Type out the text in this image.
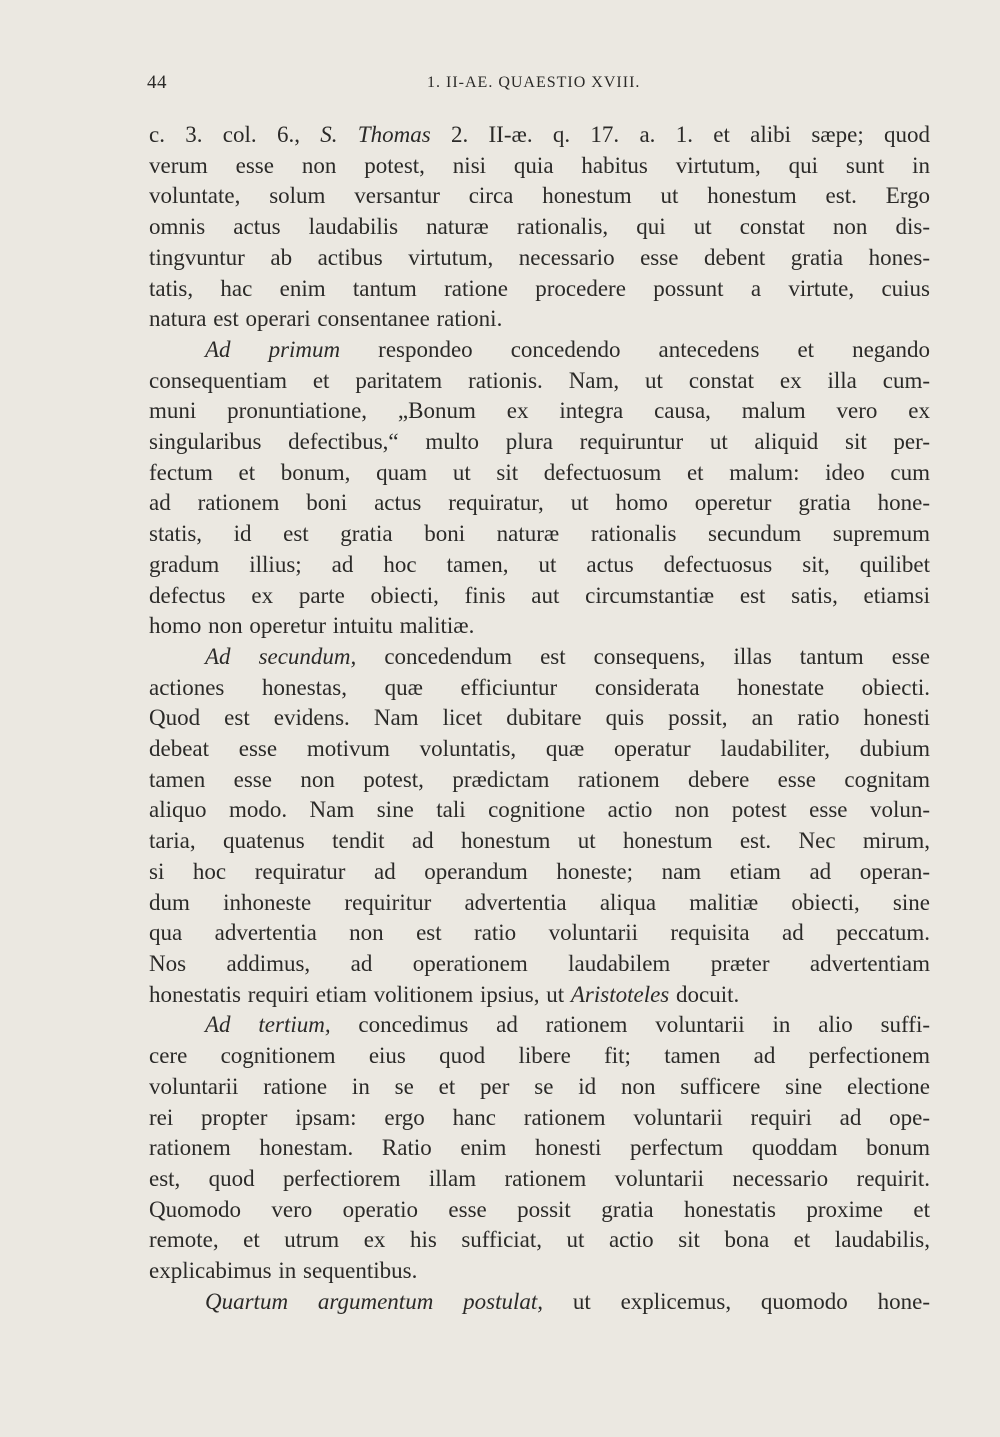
44	1. II-AE. QUAESTIO XVIII.

c. 3. col. 6., S. Thomas 2. II-æ. q. 17. a. 1. et alibi sæpe; quod
verum esse non potest, nisi quia habitus virtutum, qui sunt in
voluntate, solum versantur circa honestum ut honestum est. Ergo
omnis actus laudabilis naturæ rationalis, qui ut constat non dis-
tingvuntur ab actibus virtutum, necessario esse debent gratia hones-
tatis, hac enim tantum ratione procedere possunt a virtute, cuius
natura est operari consentanee rationi.

Ad primum respondeo concedendo antecedens et negando
consequentiam et paritatem rationis. Nam, ut constat ex illa cum-
muni pronuntiatione, „Bonum ex integra causa, malum vero ex
singularibus defectibus,“ multo plura requiruntur ut aliquid sit per-
fectum et bonum, quam ut sit defectuosum et malum: ideo cum
ad rationem boni actus requiratur, ut homo operetur gratia hone-
statis, id est gratia boni naturæ rationalis secundum supremum
gradum illius; ad hoc tamen, ut actus defectuosus sit, quilibet
defectus ex parte obiecti, finis aut circumstantiæ est satis, etiamsi
homo non operetur intuitu malitiæ.

Ad secundum, concedendum est consequens, illas tantum esse
actiones honestas, quæ efficiuntur considerata honestate obiecti.
Quod est evidens. Nam licet dubitare quis possit, an ratio honesti
debeat esse motivum voluntatis, quæ operatur laudabiliter, dubium
tamen esse non potest, prædictam rationem debere esse cognitam
aliquo modo. Nam sine tali cognitione actio non potest esse volun-
taria, quatenus tendit ad honestum ut honestum est. Nec mirum,
si hoc requiratur ad operandum honeste; nam etiam ad operan-
dum inhoneste requiritur advertentia aliqua malitiæ obiecti, sine
qua advertentia non est ratio voluntarii requisita ad peccatum.
Nos addimus, ad operationem laudabilem præter advertentiam
honestatis requiri etiam volitionem ipsius, ut Aristoteles docuit.

Ad tertium, concedimus ad rationem voluntarii in alio suffi-
cere cognitionem eius quod libere fit; tamen ad perfectionem
voluntarii ratione in se et per se id non sufficere sine electione
rei propter ipsam: ergo hanc rationem voluntarii requiri ad ope-
rationem honestam. Ratio enim honesti perfectum quoddam bonum
est, quod perfectiorem illam rationem voluntarii necessario requirit.
Quomodo vero operatio esse possit gratia honestatis proxime et
remote, et utrum ex his sufficiat, ut actio sit bona et laudabilis,
explicabimus in sequentibus.

Quartum argumentum postulat, ut explicemus, quomodo hone-
